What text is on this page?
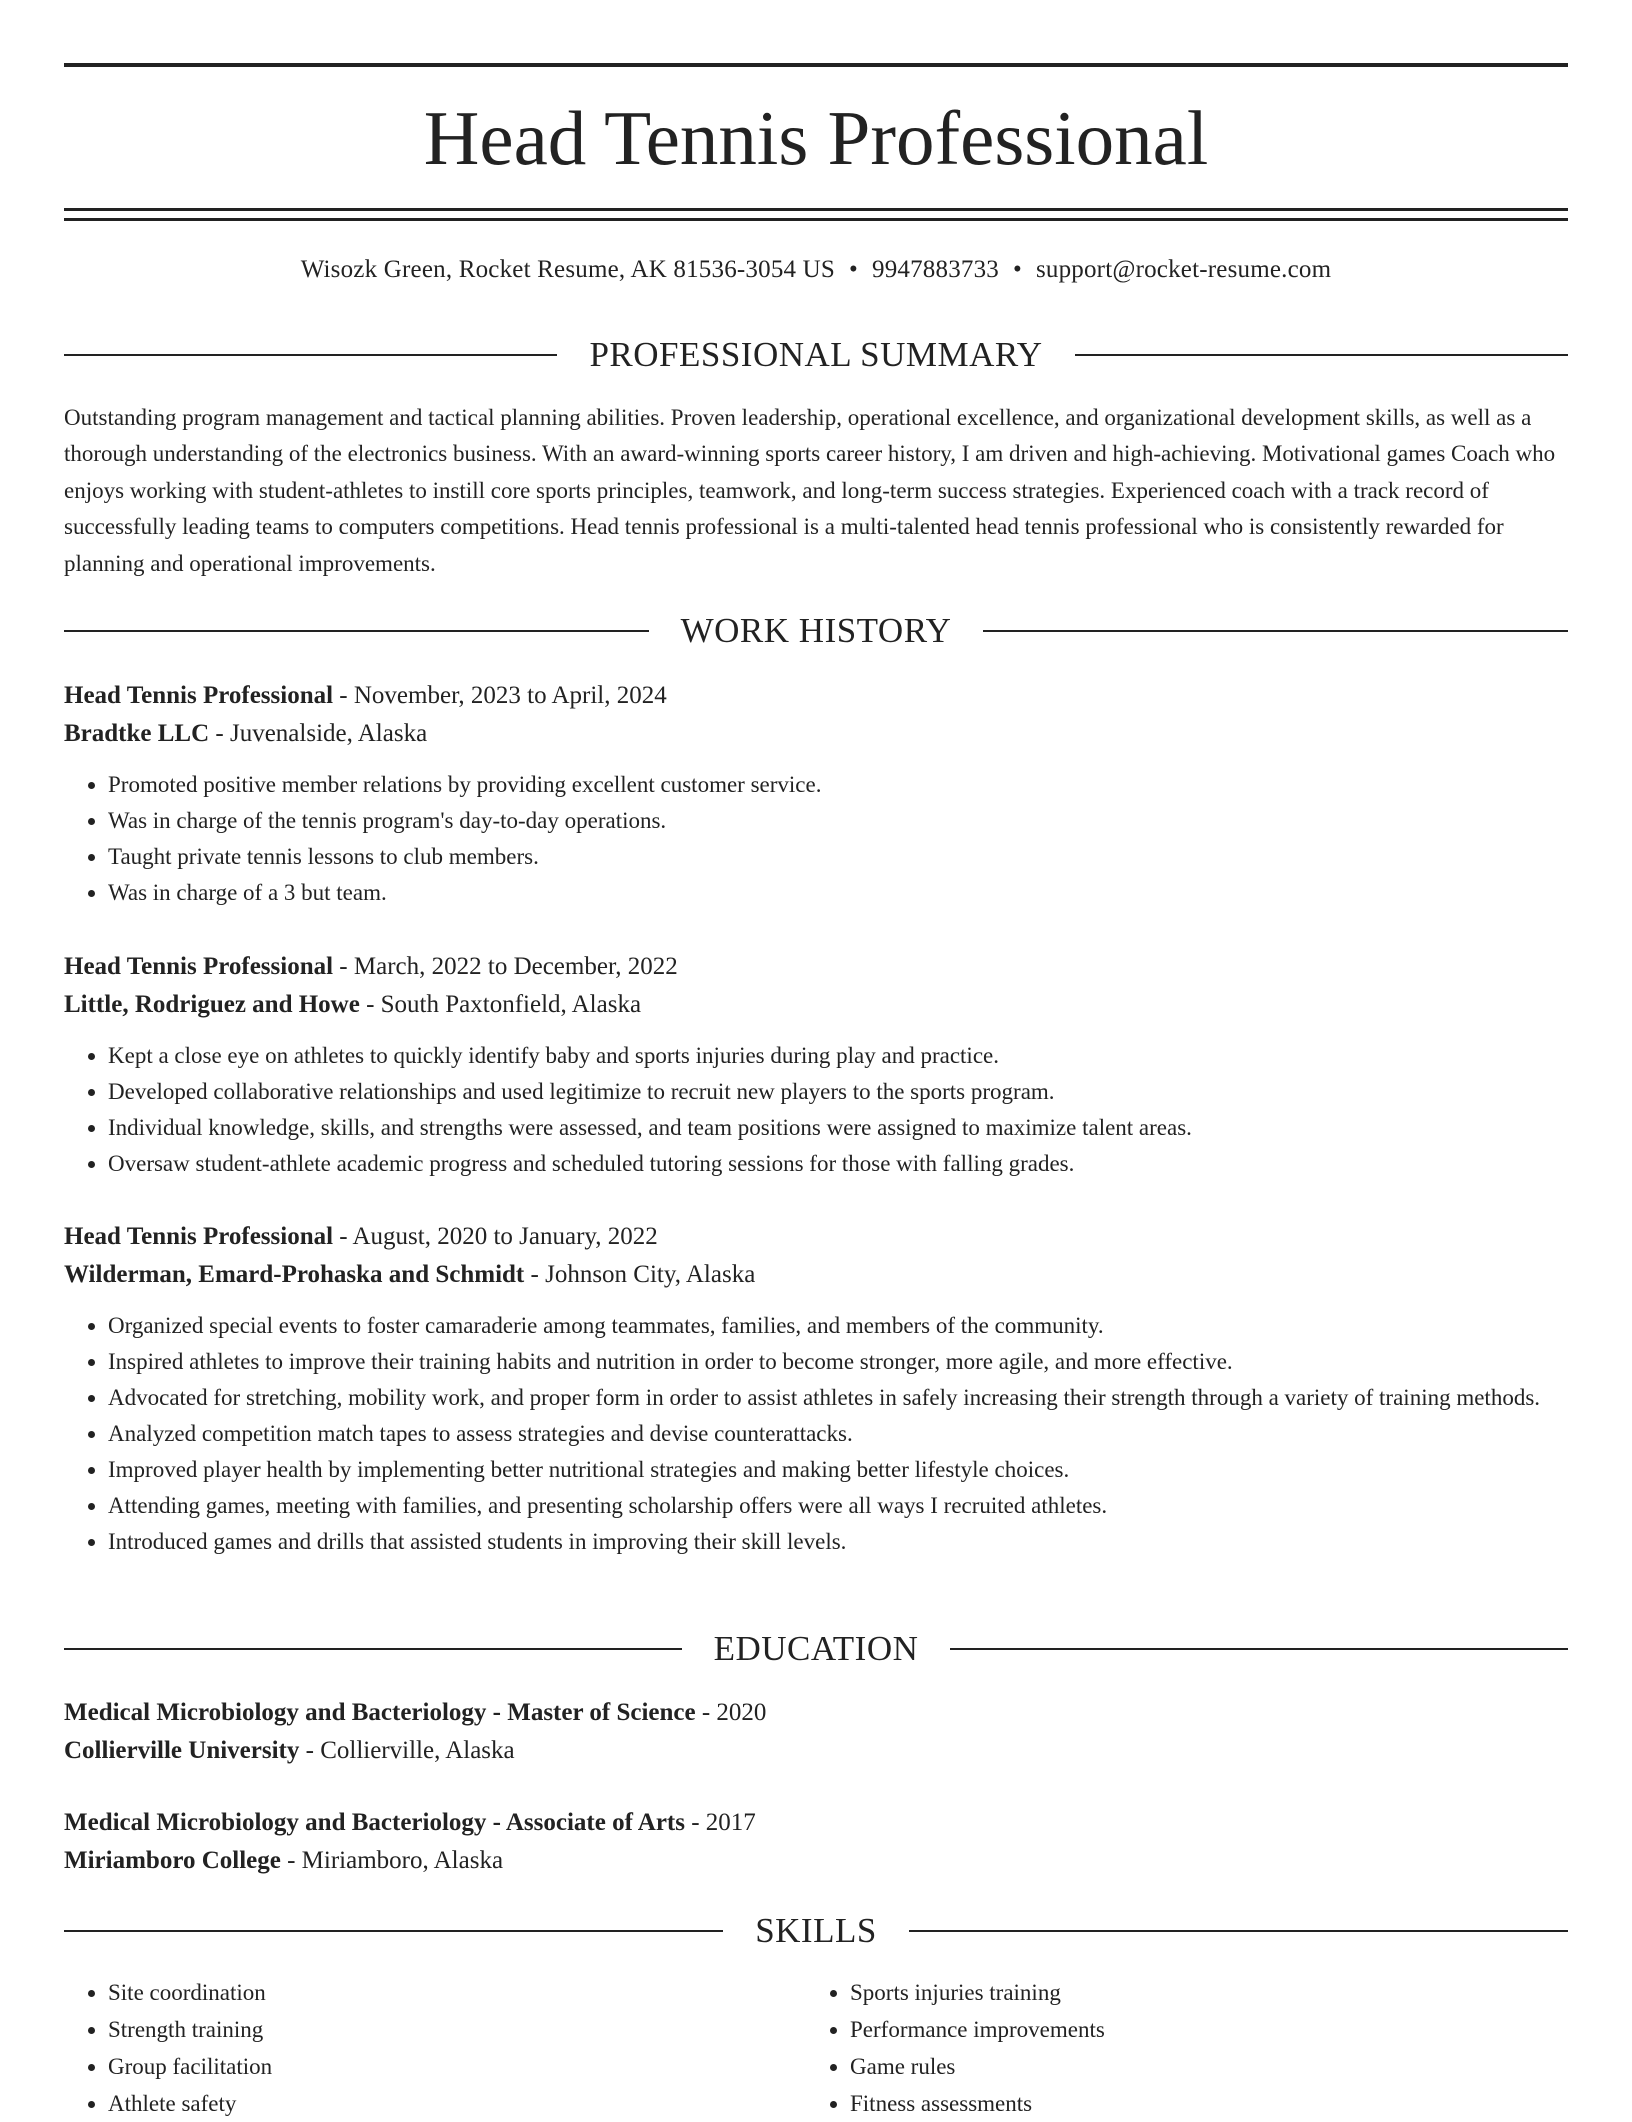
Head Tennis Professional
Wisozk Green, Rocket Resume, AK 81536-3054 US • 9947883733 • support@rocket-resume.com
PROFESSIONAL SUMMARY

Outstanding program management and tactical planning abilities. Proven leadership, operational excellence, and organizational development skills, as well as a thorough understanding of the electronics business. With an award-winning sports career history, I am driven and high-achieving. Motivational games Coach who enjoys working with student-athletes to instill core sports principles, teamwork, and long-term success strategies. Experienced coach with a track record of successfully leading teams to computers competitions. Head tennis professional is a multi-talented head tennis professional who is consistently rewarded for planning and operational improvements.

WORK HISTORY
Head Tennis Professional - November, 2023 to April, 2024
Bradtke LLC - Juvenalside, Alaska
• Promoted positive member relations by providing excellent customer service.
• Was in charge of the tennis program's day-to-day operations.
• Taught private tennis lessons to club members.
• Was in charge of a 3 but team.
Head Tennis Professional - March, 2022 to December, 2022
Little, Rodriguez and Howe - South Paxtonfield, Alaska
• Kept a close eye on athletes to quickly identify baby and sports injuries during play and practice.
• Developed collaborative relationships and used legitimize to recruit new players to the sports program.
• Individual knowledge, skills, and strengths were assessed, and team positions were assigned to maximize talent areas.
• Oversaw student-athlete academic progress and scheduled tutoring sessions for those with falling grades.
Head Tennis Professional - August, 2020 to January, 2022
Wilderman, Emard-Prohaska and Schmidt - Johnson City, Alaska
• Organized special events to foster camaraderie among teammates, families, and members of the community.
• Inspired athletes to improve their training habits and nutrition in order to become stronger, more agile, and more effective.
• Advocated for stretching, mobility work, and proper form in order to assist athletes in safely increasing their strength through a variety of training methods.
• Analyzed competition match tapes to assess strategies and devise counterattacks.
• Improved player health by implementing better nutritional strategies and making better lifestyle choices.
• Attending games, meeting with families, and presenting scholarship offers were all ways I recruited athletes.
• Introduced games and drills that assisted students in improving their skill levels.
EDUCATION
Medical Microbiology and Bacteriology - Master of Science - 2020
Collierville University - Collierville, Alaska
Medical Microbiology and Bacteriology - Associate of Arts - 2017
Miriamboro College - Miriamboro, Alaska
SKILLS
• Site coordination
• Strength training
• Group facilitation
• Athlete safety
• Sports injuries training
• Performance improvements
• Game rules
• Fitness assessments
